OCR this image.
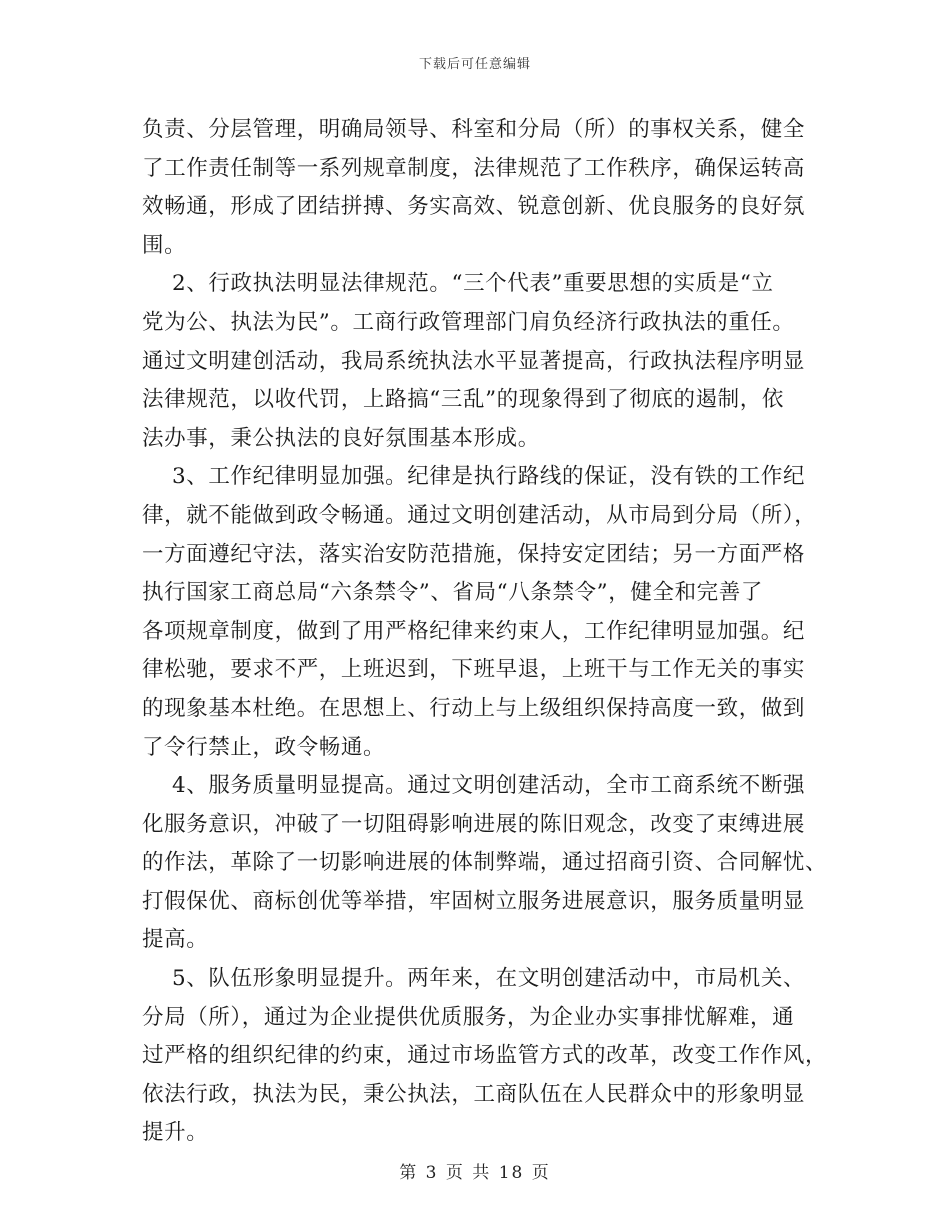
下载后可任意编辑
负责、分层管理，明确局领导、科室和分局（所）的事权关系，健全
了工作责任制等一系列规章制度，法律规范了工作秩序，确保运转高
效畅通，形成了团结拼搏、务实高效、锐意创新、优良服务的良好氛
围。
2、行政执法明显法律规范。“三个代表”重要思想的实质是“立
党为公、执法为民”。工商行政管理部门肩负经济行政执法的重任。
通过文明建创活动，我局系统执法水平显著提高，行政执法程序明显
法律规范，以收代罚，上路搞“三乱”的现象得到了彻底的遏制，依
法办事，秉公执法的良好氛围基本形成。
3、工作纪律明显加强。纪律是执行路线的保证，没有铁的工作纪
律，就不能做到政令畅通。通过文明创建活动，从市局到分局（所），
一方面遵纪守法，落实治安防范措施，保持安定团结；另一方面严格
执行国家工商总局“六条禁令”、省局“八条禁令”，健全和完善了
各项规章制度，做到了用严格纪律来约束人，工作纪律明显加强。纪
律松驰，要求不严，上班迟到，下班早退，上班干与工作无关的事实
的现象基本杜绝。在思想上、行动上与上级组织保持高度一致，做到
了令行禁止，政令畅通。
4、服务质量明显提高。通过文明创建活动，全市工商系统不断强
化服务意识，冲破了一切阻碍影响进展的陈旧观念，改变了束缚进展
的作法，革除了一切影响进展的体制弊端，通过招商引资、合同解忧、
打假保优、商标创优等举措，牢固树立服务进展意识，服务质量明显
提高。
5、队伍形象明显提升。两年来，在文明创建活动中，市局机关、
分局（所），通过为企业提供优质服务，为企业办实事排忧解难，通
过严格的组织纪律的约束，通过市场监管方式的改革，改变工作作风，
依法行政，执法为民，秉公执法，工商队伍在人民群众中的形象明显
提升。
第 3 页 共 18 页
